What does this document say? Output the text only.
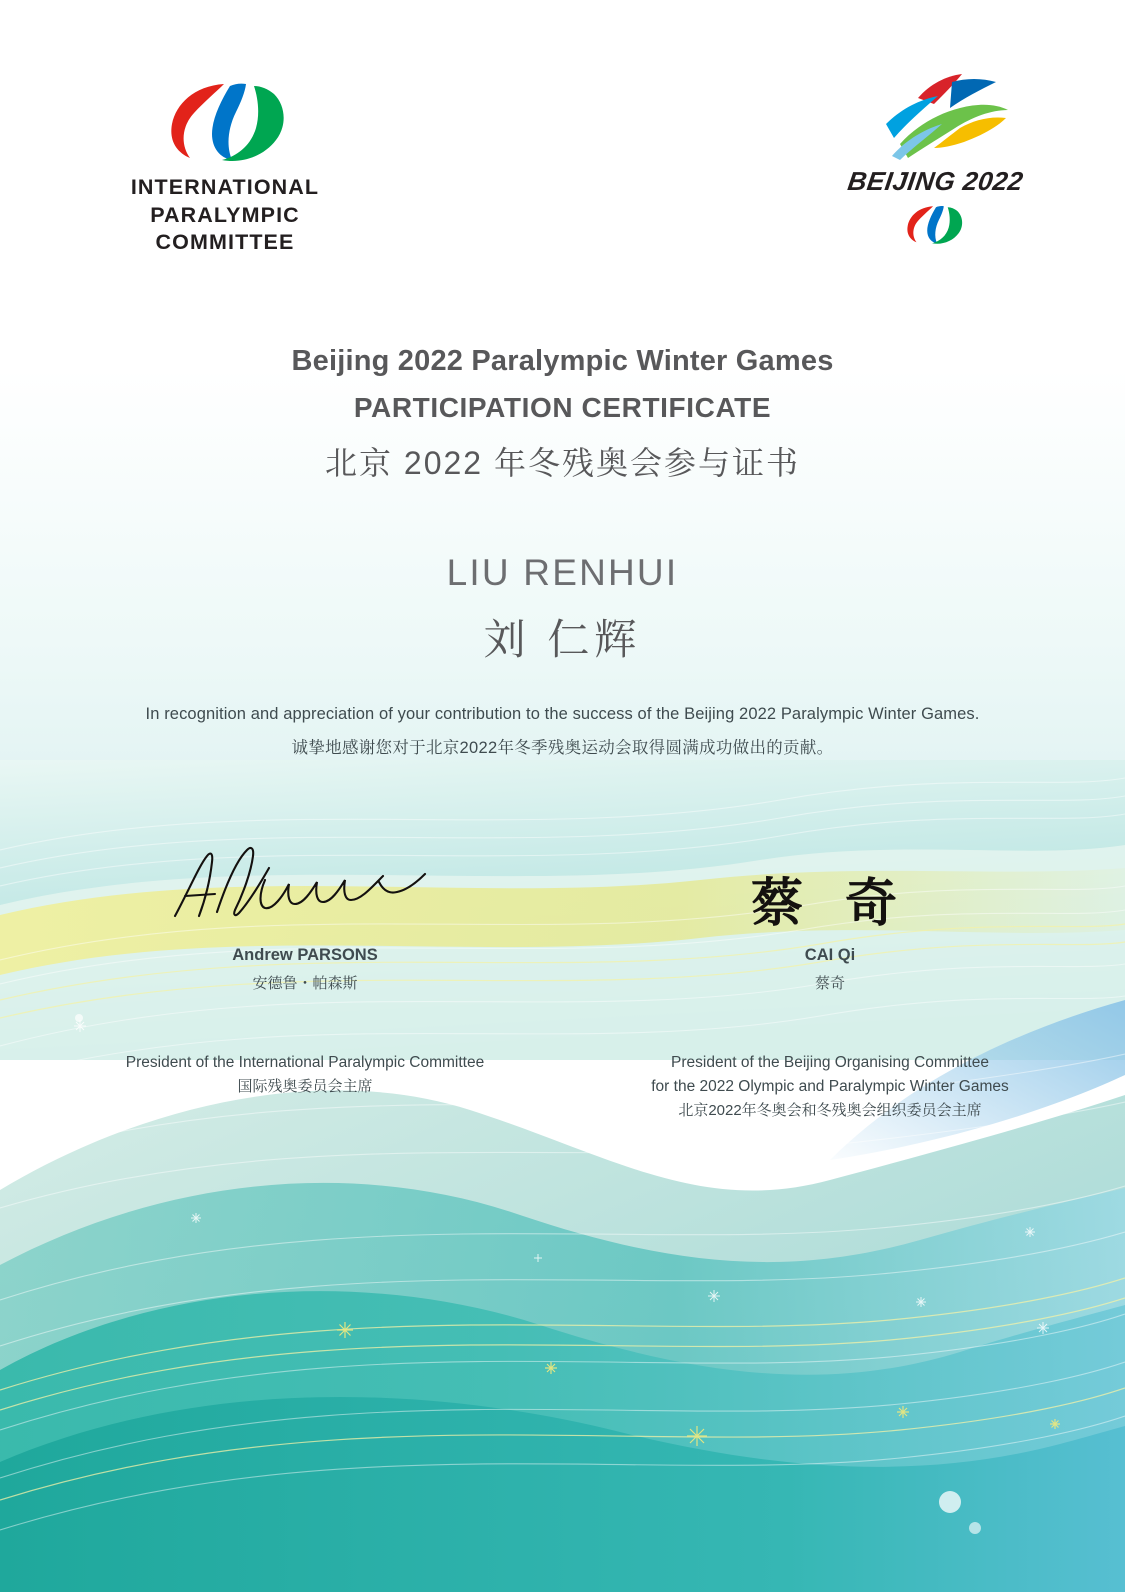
INTERNATIONAL
PARALYMPIC
COMMITTEE
BEIJING 2022
Beijing 2022 Paralympic Winter Games
PARTICIPATION CERTIFICATE
北京 2022 年冬残奥会参与证书
LIU RENHUI
刘 仁辉
In recognition and appreciation of your contribution to the success of the Beijing 2022 Paralympic Winter Games.
诚挚地感谢您对于北京2022年冬季残奥运动会取得圆满成功做出的贡献。
Andrew PARSONS
安德鲁・帕森斯
President of the International Paralympic Committee
国际残奥委员会主席
蔡 奇
CAI Qi
蔡奇
President of the Beijing Organising Committee
for the 2022 Olympic and Paralympic Winter Games
北京2022年冬奥会和冬残奥会组织委员会主席
